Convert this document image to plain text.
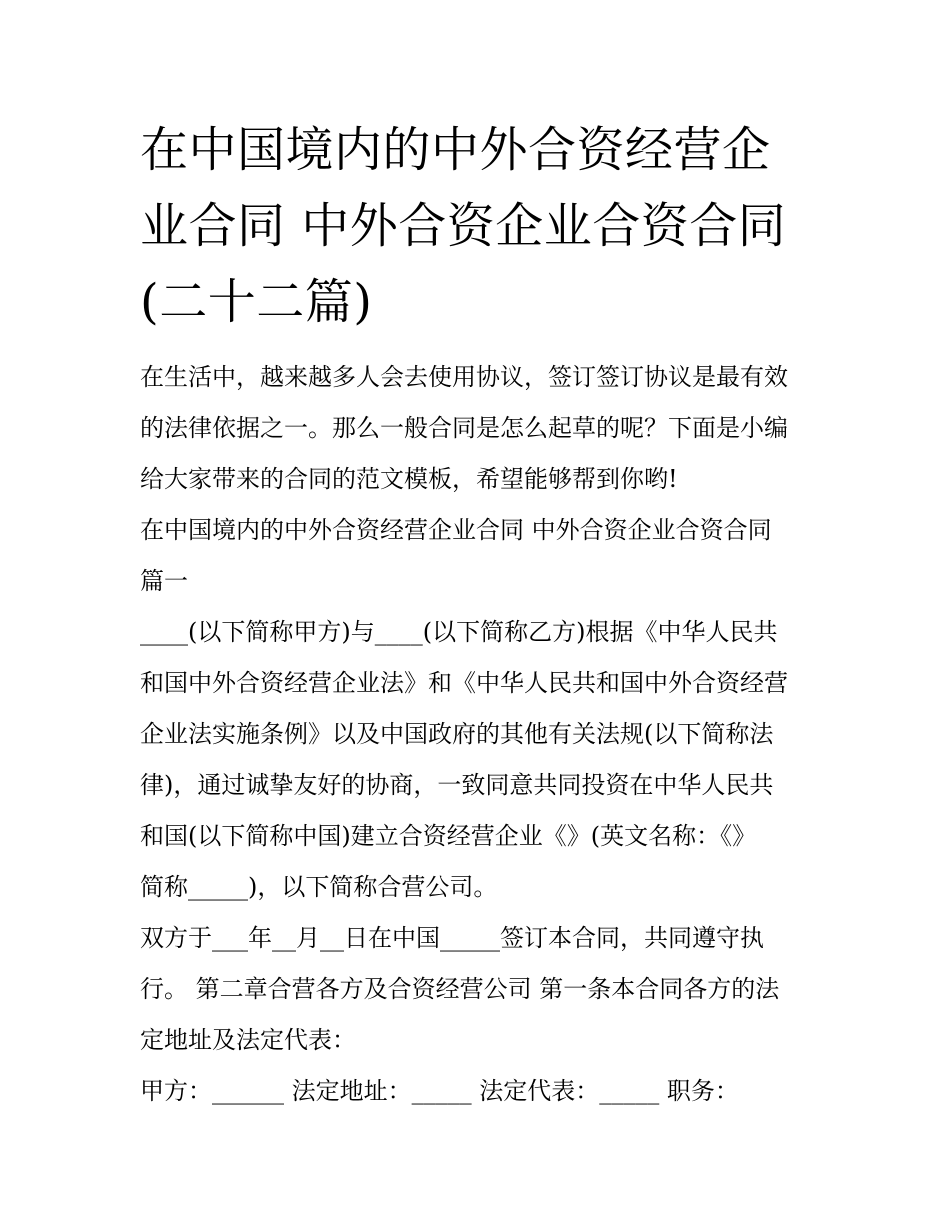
在中国境内的中外合资经营企
业合同 中外合资企业合资合同
(二十二篇)
在生活中，越来越多人会去使用协议，签订签订协议是最有效
的法律依据之一。那么一般合同是怎么起草的呢？下面是小编
给大家带来的合同的范文模板，希望能够帮到你哟!
在中国境内的中外合资经营企业合同 中外合资企业合资合同
篇一
____(以下简称甲方)与____(以下简称乙方)根据《中华人民共
和国中外合资经营企业法》和《中华人民共和国中外合资经营
企业法实施条例》以及中国政府的其他有关法规(以下简称法
律)，通过诚挚友好的协商，一致同意共同投资在中华人民共
和国(以下简称中国)建立合资经营企业《》(英文名称：《》
简称_____)，以下简称合营公司。
双方于___年__月__日在中国_____签订本合同，共同遵守执
行。 第二章合营各方及合资经营公司 第一条本合同各方的法
定地址及法定代表：
甲方：______ 法定地址：_____ 法定代表：_____ 职务：
